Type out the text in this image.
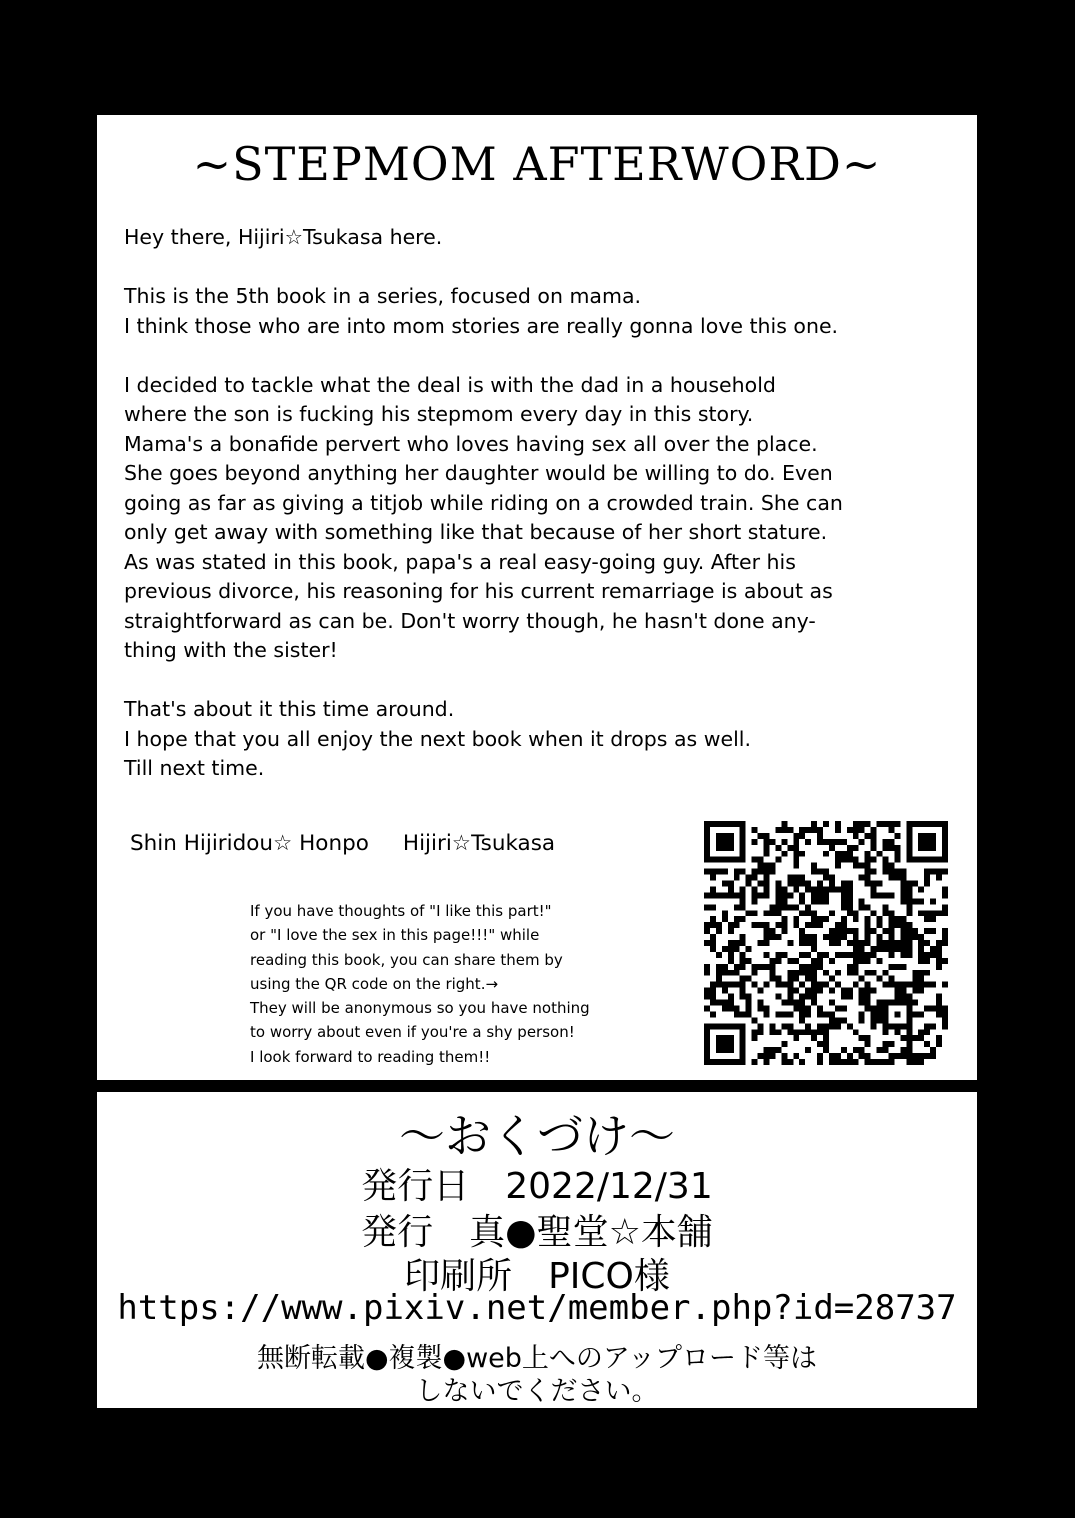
~STEPMOM AFTERWORD~

Hey there, Hijiri☆Tsukasa here.

This is the 5th book in a series, focused on mama.
I think those who are into mom stories are really gonna love this one.

I decided to tackle what the deal is with the dad in a household
where the son is fucking his stepmom every day in this story.
Mama's a bonafide pervert who loves having sex all over the place.
She goes beyond anything her daughter would be willing to do. Even
going as far as giving a titjob while riding on a crowded train. She can
only get away with something like that because of her short stature.
As was stated in this book, papa's a real easy-going guy. After his
previous divorce, his reasoning for his current remarriage is about as
straightforward as can be. Don't worry though, he hasn't done any-
thing with the sister!

That's about it this time around.
I hope that you all enjoy the next book when it drops as well.
Till next time.

Shin Hijiridou☆ Honpo Hijiri☆Tsukasa
If you have thoughts of "I like this part!"
or "I love the sex in this page!!!" while
reading this book, you can share them by
using the QR code on the right.→
They will be anonymous so you have nothing
to worry about even if you're a shy person!
I look forward to reading them!!
～おくづけ～
発行日　2022/12/31
発行　真●聖堂☆本舗
印刷所　PICO様
https://www.pixiv.net/member.php?id=28737
無断転載●複製●web上へのアップロード等は
しないでください。
